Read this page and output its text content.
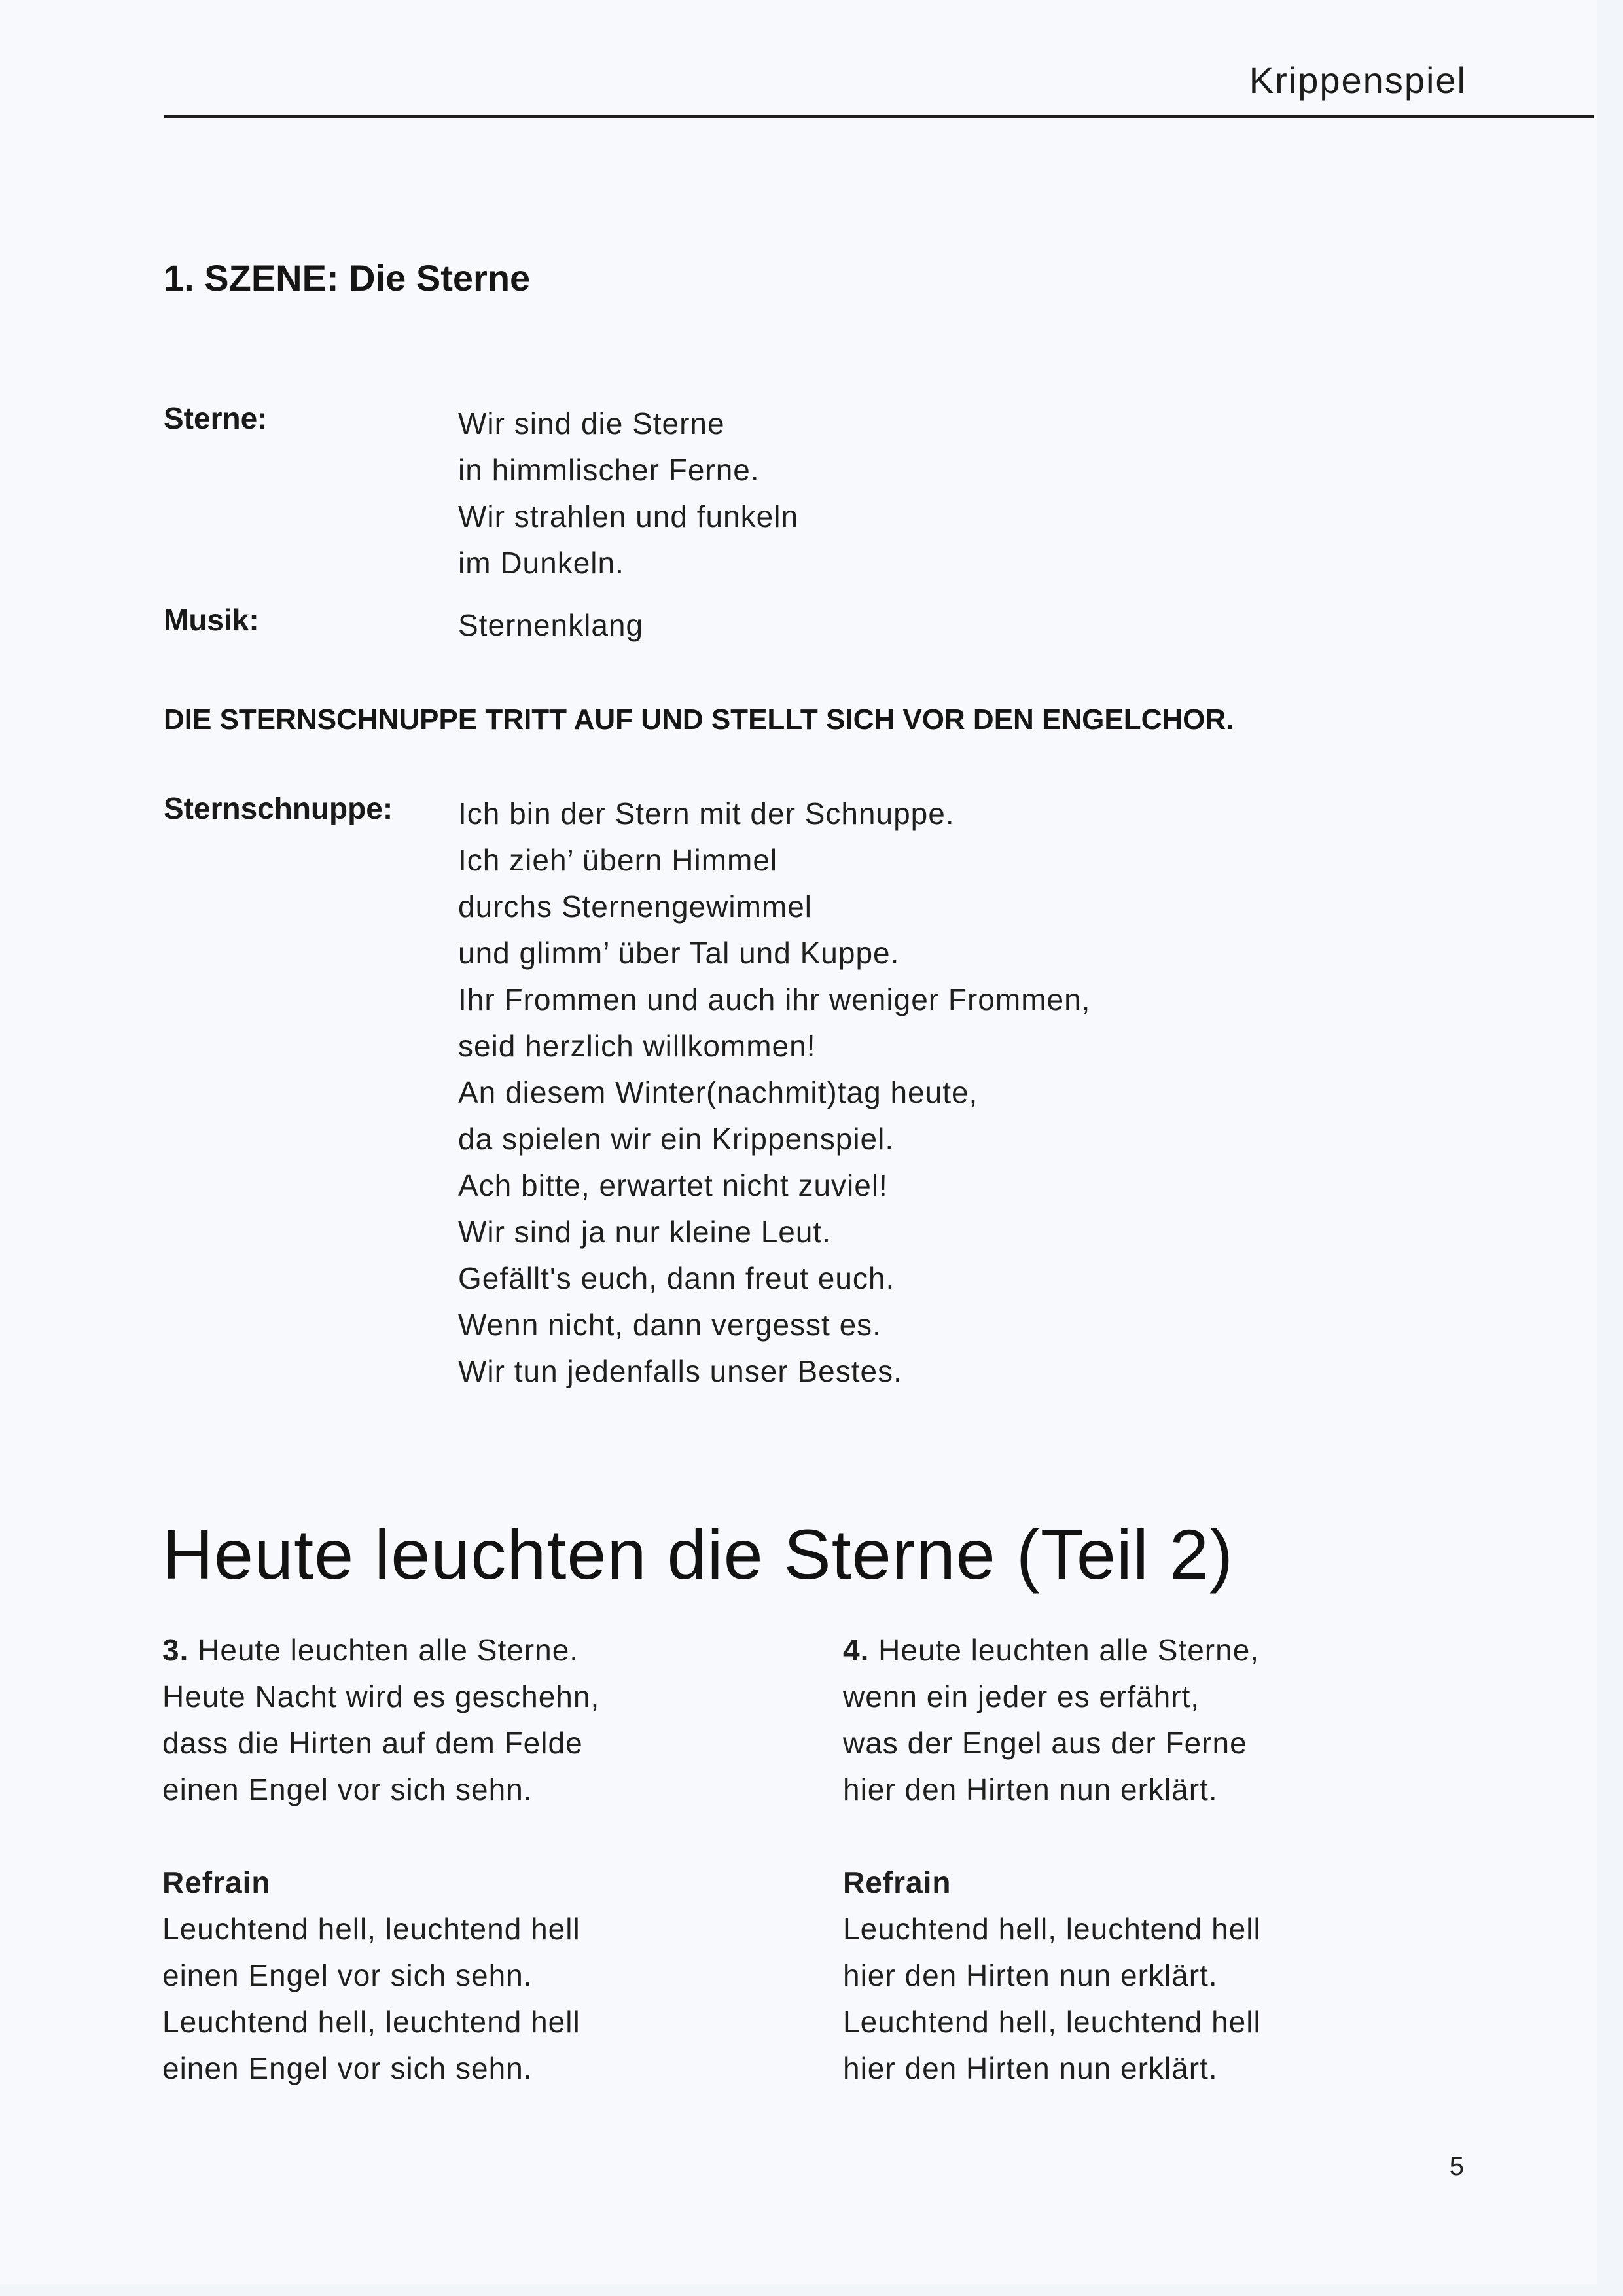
Krippenspiel
1. SZENE: Die Sterne
Sterne:	Wir sind die Sterne
in himmlischer Ferne.
Wir strahlen und funkeln
im Dunkeln.
Musik:	Sternenklang
DIE STERNSCHNUPPE TRITT AUF UND STELLT SICH VOR DEN ENGELCHOR.
Sternschnuppe: Ich bin der Stern mit der Schnuppe.
Ich zieh’ übern Himmel
durchs Sternengewimmel
und glimm’ über Tal und Kuppe.
Ihr Frommen und auch ihr weniger Frommen,
seid herzlich willkommen!
An diesem Winter(nachmit)tag heute,
da spielen wir ein Krippenspiel.
Ach bitte, erwartet nicht zuviel!
Wir sind ja nur kleine Leut.
Gefällt's euch, dann freut euch.
Wenn nicht, dann vergesst es.
Wir tun jedenfalls unser Bestes.
Heute leuchten die Sterne (Teil 2)
3. Heute leuchten alle Sterne.
Heute Nacht wird es geschehn,
dass die Hirten auf dem Felde
einen Engel vor sich sehn.
Refrain
Leuchtend hell, leuchtend hell
einen Engel vor sich sehn.
Leuchtend hell, leuchtend hell
einen Engel vor sich sehn.
4. Heute leuchten alle Sterne,
wenn ein jeder es erfährt,
was der Engel aus der Ferne
hier den Hirten nun erklärt.
Refrain
Leuchtend hell, leuchtend hell
hier den Hirten nun erklärt.
Leuchtend hell, leuchtend hell
hier den Hirten nun erklärt.
5
